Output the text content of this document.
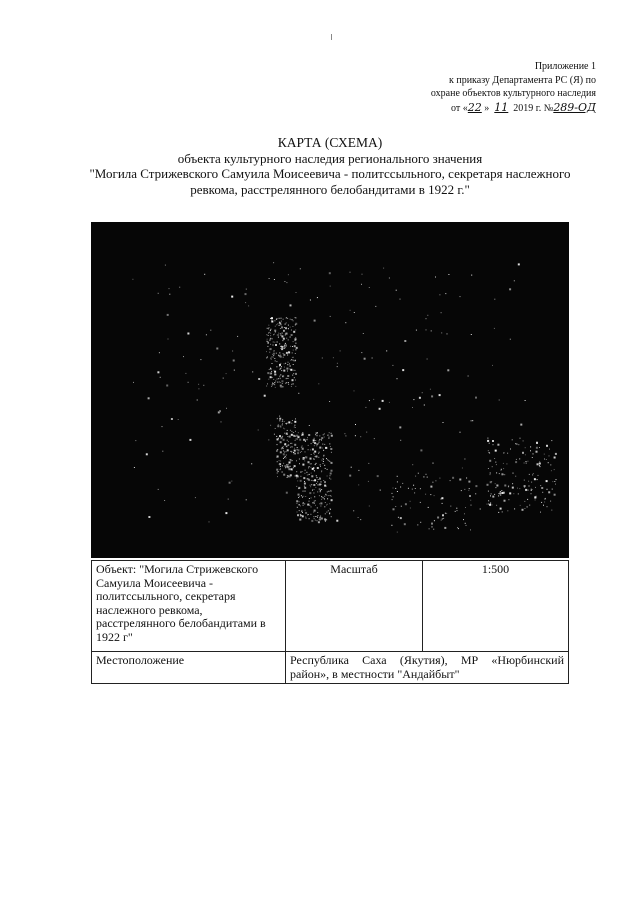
Приложение 1
к приказу Департамента РС (Я) по
охране объектов культурного наследия
от «22 » 11 2019 г. №289-ОД
КАРТА (СХЕМА)
объекта культурного наследия регионального значения
"Могила Стрижевского Самуила Моисеевича - политссыльного, секретаря наслежного
ревкома, расстрелянного белобандитами в 1922 г."
Объект: "Могила Стрижевского Самуила Моисеевича - политссыльного, секретаря наслежного ревкома, расстрелянного белобандитами в 1922 г"	Масштаб	1:500
Местоположение	Республика Саха (Якутия), МР «Нюрбинский район», в местности "Андайбыт"	
